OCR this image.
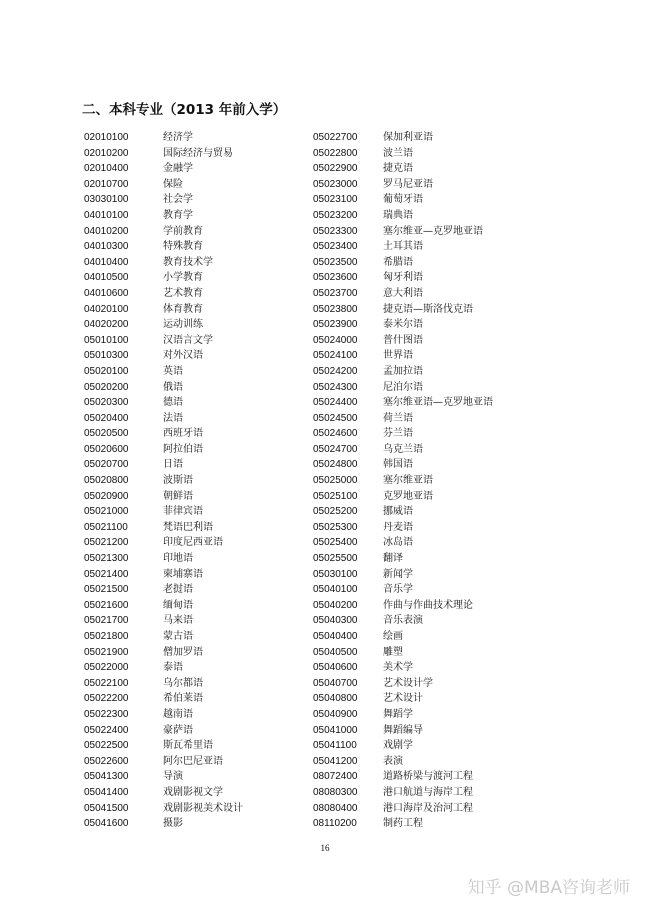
二、本科专业（2013 年前入学）
02010100	经济学
02010200	国际经济与贸易
02010400	金融学
02010700	保险
03030100	社会学
04010100	教育学
04010200	学前教育
04010300	特殊教育
04010400	教育技术学
04010500	小学教育
04010600	艺术教育
04020100	体育教育
04020200	运动训练
05010100	汉语言文学
05010300	对外汉语
05020100	英语
05020200	俄语
05020300	德语
05020400	法语
05020500	西班牙语
05020600	阿拉伯语
05020700	日语
05020800	波斯语
05020900	朝鲜语
05021000	菲律宾语
05021100	梵语巴利语
05021200	印度尼西亚语
05021300	印地语
05021400	柬埔寨语
05021500	老挝语
05021600	缅甸语
05021700	马来语
05021800	蒙古语
05021900	僧加罗语
05022000	泰语
05022100	乌尔都语
05022200	希伯莱语
05022300	越南语
05022400	豪萨语
05022500	斯瓦希里语
05022600	阿尔巴尼亚语
05041300	导演
05041400	戏剧影视文学
05041500	戏剧影视美术设计
05041600	摄影
05022700	保加利亚语
05022800	波兰语
05022900	捷克语
05023000	罗马尼亚语
05023100	葡萄牙语
05023200	瑞典语
05023300	塞尔维亚—克罗地亚语
05023400	土耳其语
05023500	希腊语
05023600	匈牙利语
05023700	意大利语
05023800	捷克语—斯洛伐克语
05023900	泰米尔语
05024000	普什图语
05024100	世界语
05024200	孟加拉语
05024300	尼泊尔语
05024400	塞尔维亚语—克罗地亚语
05024500	荷兰语
05024600	芬兰语
05024700	乌克兰语
05024800	韩国语
05025000	塞尔维亚语
05025100	克罗地亚语
05025200	挪威语
05025300	丹麦语
05025400	冰岛语
05025500	翻译
05030100	新闻学
05040100	音乐学
05040200	作曲与作曲技术理论
05040300	音乐表演
05040400	绘画
05040500	雕塑
05040600	美术学
05040700	艺术设计学
05040800	艺术设计
05040900	舞蹈学
05041000	舞蹈编导
05041100	戏剧学
05041200	表演
08072400	道路桥梁与渡河工程
08080300	港口航道与海岸工程
08080400	港口海岸及治河工程
08110200	制药工程
16
知乎 @MBA咨询老师
